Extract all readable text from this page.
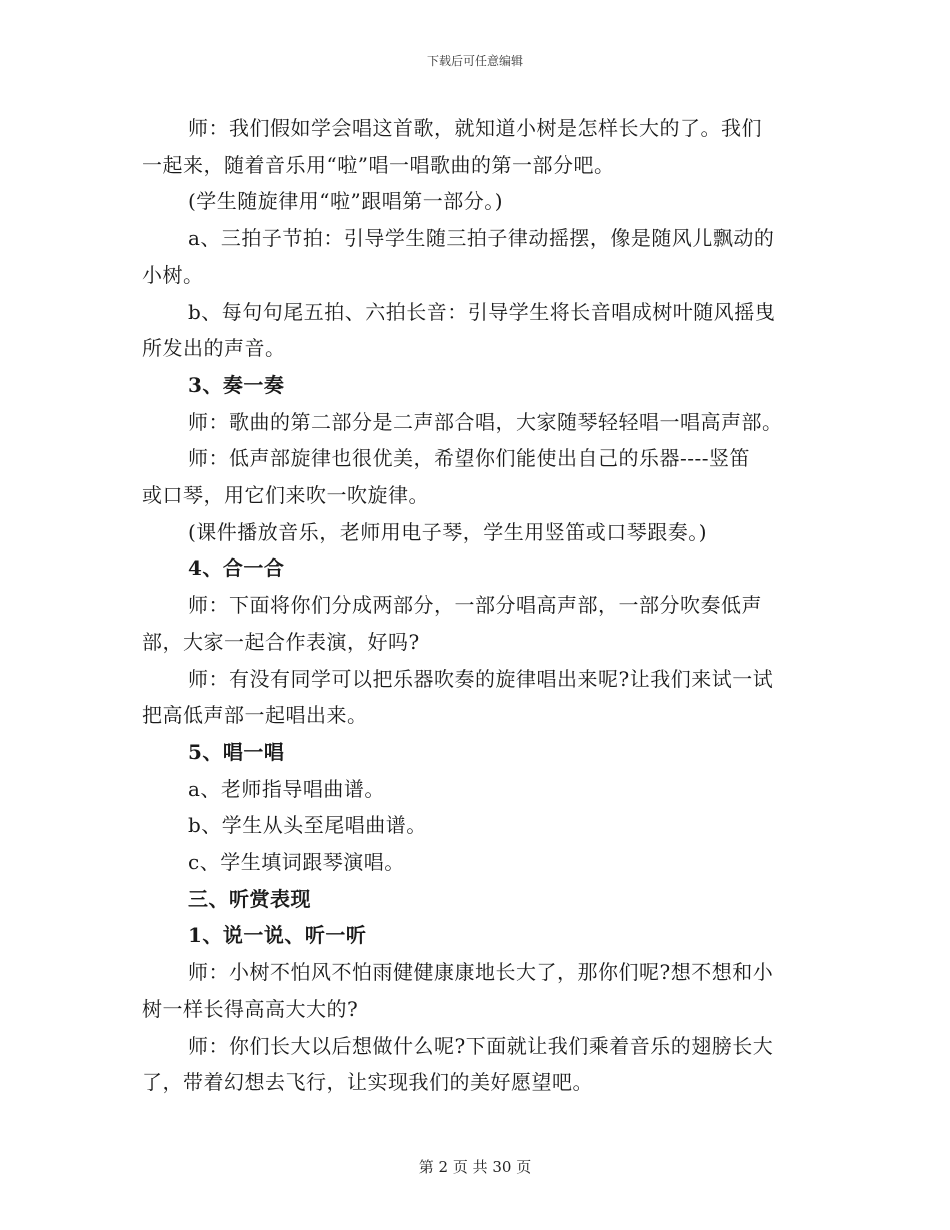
下载后可任意编辑
师：我们假如学会唱这首歌，就知道小树是怎样长大的了。我们
一起来，随着音乐用“啦”唱一唱歌曲的第一部分吧。
(学生随旋律用“啦”跟唱第一部分。)
a、三拍子节拍：引导学生随三拍子律动摇摆，像是随风儿飘动的
小树。
b、每句句尾五拍、六拍长音：引导学生将长音唱成树叶随风摇曳
所发出的声音。
3、奏一奏
师：歌曲的第二部分是二声部合唱，大家随琴轻轻唱一唱高声部。
师：低声部旋律也很优美，希望你们能使出自己的乐器----竖笛
或口琴，用它们来吹一吹旋律。
(课件播放音乐，老师用电子琴，学生用竖笛或口琴跟奏。)
4、合一合
师：下面将你们分成两部分，一部分唱高声部，一部分吹奏低声
部，大家一起合作表演，好吗?
师：有没有同学可以把乐器吹奏的旋律唱出来呢?让我们来试一试
把高低声部一起唱出来。
5、唱一唱
a、老师指导唱曲谱。
b、学生从头至尾唱曲谱。
c、学生填词跟琴演唱。
三、听赏表现
1、说一说、听一听
师：小树不怕风不怕雨健健康康地长大了，那你们呢?想不想和小
树一样长得高高大大的?
师：你们长大以后想做什么呢?下面就让我们乘着音乐的翅膀长大
了，带着幻想去飞行，让实现我们的美好愿望吧。
第 2 页 共 30 页
